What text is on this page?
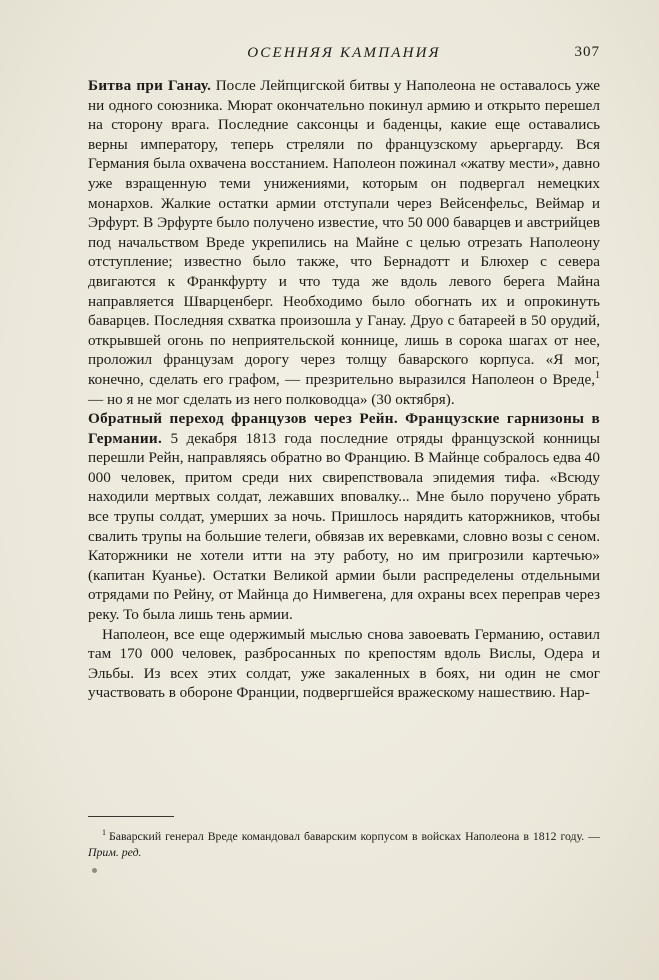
ОСЕННЯЯ КАМПАНИЯ	307

Битва при Ганау. После Лейпцигской битвы у Наполеона не оставалось уже ни одного союзника. Мюрат окончательно покинул армию и открыто перешел на сторону врага. Последние саксонцы и баденцы, какие еще оставались верны императору, теперь стреляли по французскому арьергарду. Вся Германия была охвачена восстанием. Наполеон пожинал «жатву мести», давно уже взращенную теми унижениями, которым он подвергал немецких монархов. Жалкие остатки армии отступали через Вейсенфельс, Веймар и Эрфурт. В Эрфурте было получено известие, что 50 000 баварцев и австрийцев под начальством Вреде укрепились на Майне с целью отрезать Наполеону отступление; известно было также, что Бернадотт и Блюхер с севера двигаются к Франкфурту и что туда же вдоль левого берега Майна направляется Шварценберг. Необходимо было обогнать их и опрокинуть баварцев. Последняя схватка произошла у Ганау. Друо с батареей в 50 орудий, открывшей огонь по неприятельской коннице, лишь в сорока шагах от нее, проложил французам дорогу через толщу баварского корпуса. «Я мог, конечно, сделать его графом, — презрительно выразился Наполеон о Вреде,$^1$ — но я не мог сделать из него полководца» (30 октября).

Обратный переход французов через Рейн. Французские гарнизоны в Германии. 5 декабря 1813 года последние отряды французской конницы перешли Рейн, направляясь обратно во Францию. В Майнце собралось едва 40 000 человек, притом среди них свирепствовала эпидемия тифа. «Всюду находили мертвых солдат, лежавших вповалку... Мне было поручено убрать все трупы солдат, умерших за ночь. Пришлось нарядить каторжников, чтобы свалить трупы на большие телеги, обвязав их веревками, словно возы с сеном. Каторжники не хотели итти на эту работу, но им пригрозили картечью» (капитан Куанье). Остатки Великой армии были распределены отдельными отрядами по Рейну, от Майнца до Нимвегена, для охраны всех переправ через реку. То была лишь тень армии.

Наполеон, все еще одержимый мыслью снова завоевать Германию, оставил там 170 000 человек, разбросанных по крепостям вдоль Вислы, Одера и Эльбы. Из всех этих солдат, уже закаленных в боях, ни один не смог участвовать в обороне Франции, подвергшейся вражескому нашествию. Нар-

$^1$ Баварский генерал Вреде командовал баварским корпусом в войсках Наполеона в 1812 году. — Прим. ред.
